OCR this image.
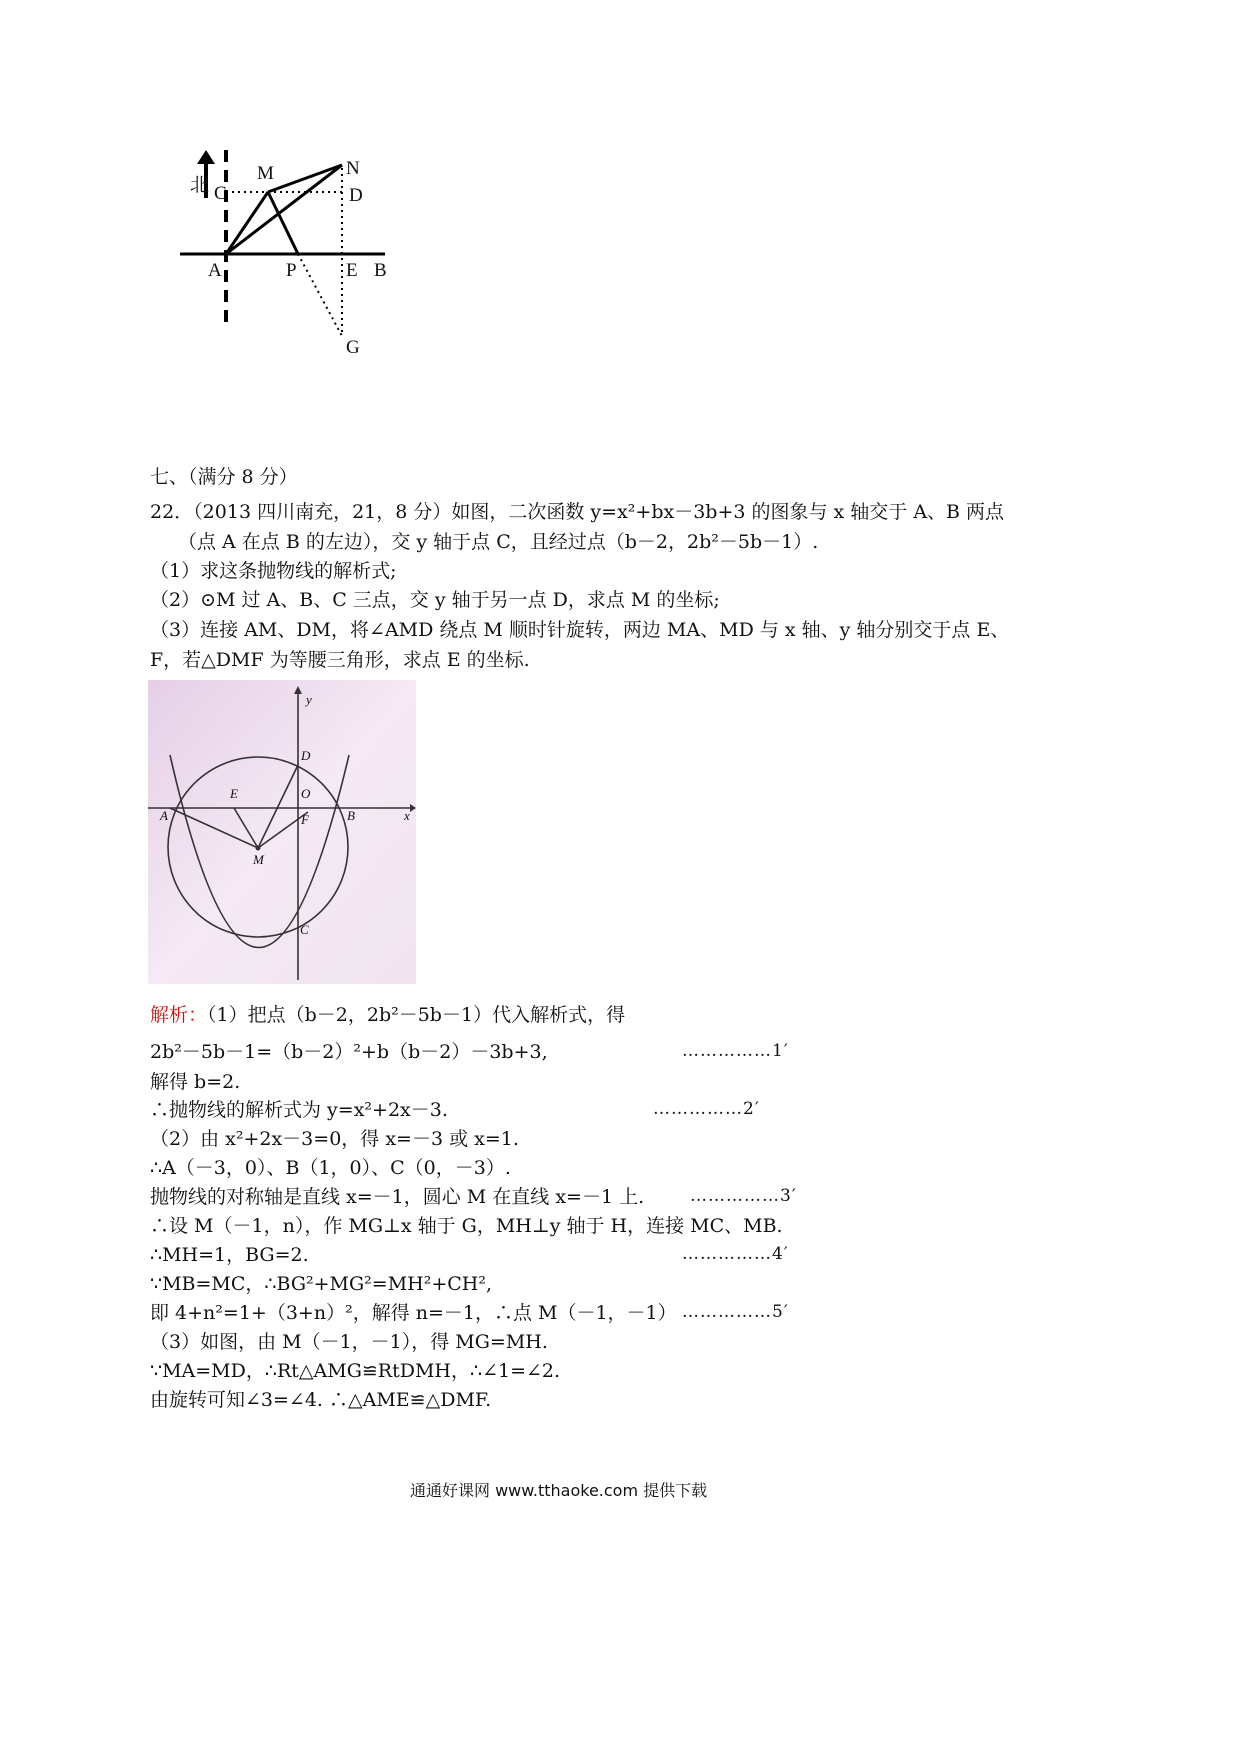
北 C
M	N
D
A	P	E B
G
七、（满分 8 分）
22．（2013 四川南充，21，8 分）如图，二次函数 y=x²+bx－3b+3 的图象与 x 轴交于 A、B 两点
（点 A 在点 B 的左边），交 y 轴于点 C，且经过点（b－2，2b²－5b－1）.
（1）求这条抛物线的解析式;
（2）⊙M 过 A、B、C 三点，交 y 轴于另一点 D，求点 M 的坐标;
（3）连接 AM、DM，将∠AMD 绕点 M 顺时针旋转，两边 MA、MD 与 x 轴、y 轴分别交于点 E、
F，若△DMF 为等腰三角形，求点 E 的坐标.
y
x
D
O
E
F
A	B
M
C
解析：（1）把点（b－2，2b²－5b－1）代入解析式，得
2b²－5b－1=（b－2）²+b（b－2）－3b+3,	……………1′
解得 b=2.
∴抛物线的解析式为 y=x²+2x－3.	……………2′
（2）由 x²+2x－3=0，得 x=－3 或 x=1.
∴A（－3，0）、B（1，0）、C（0，－3）.
抛物线的对称轴是直线 x=－1，圆心 M 在直线 x=－1 上.	……………3′
∴设 M（－1，n），作 MG⊥x 轴于 G，MH⊥y 轴于 H，连接 MC、MB.
∴MH=1，BG=2.	……………4′
∵MB=MC，∴BG²+MG²=MH²+CH²,
即 4+n²=1+（3+n）²，解得 n=－1，∴点 M（－1，－1） ……………5′
（3）如图，由 M（－1，－1），得 MG=MH.
∵MA=MD，∴Rt△AMG≌RtDMH，∴∠1=∠2.
由旋转可知∠3=∠4. ∴△AME≌△DMF.
通通好课网 www.tthaoke.com 提供下载
